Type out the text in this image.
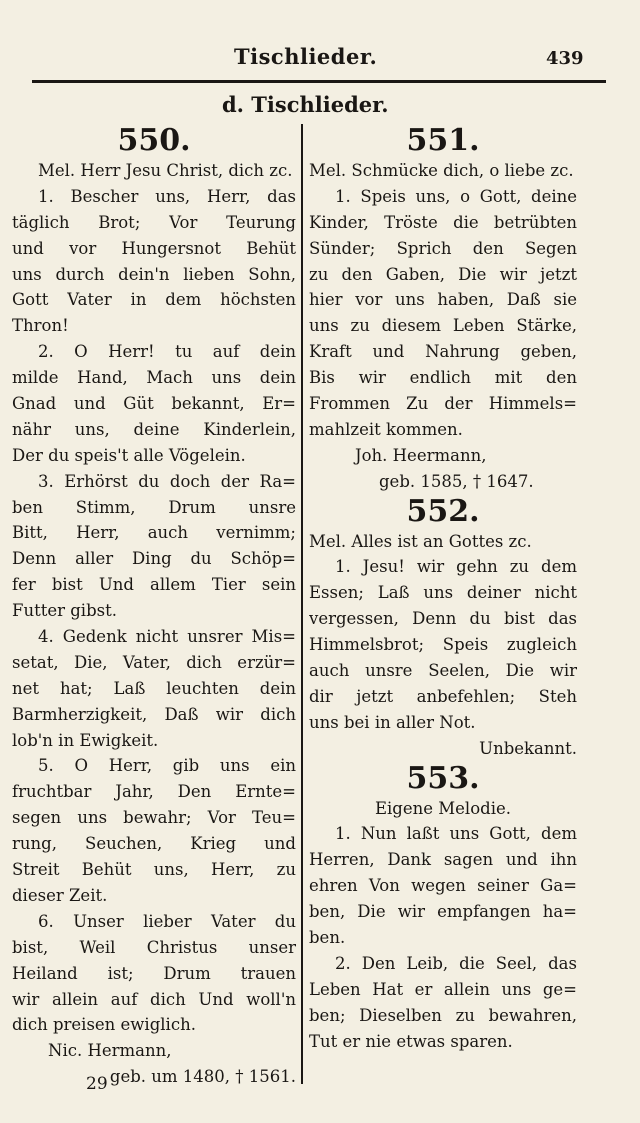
Tischlieder.	439
d. Tischlieder.
550.
Mel. Herr Jesu Christ, dich zc.
1. Bescher uns, Herr, das
täglich Brot; Vor Teurung
und vor Hungersnot Behüt
uns durch dein'n lieben Sohn,
Gott Vater in dem höchsten
Thron!
2. O Herr! tu auf dein
milde Hand, Mach uns dein
Gnad und Güt bekannt, Er=
nähr uns, deine Kinderlein,
Der du speis't alle Vögelein.
3. Erhörst du doch der Ra=
ben Stimm, Drum unsre
Bitt, Herr, auch vernimm;
Denn aller Ding du Schöp=
fer bist Und allem Tier sein
Futter gibst.
4. Gedenk nicht unsrer Mis=
setat, Die, Vater, dich erzür=
net hat; Laß leuchten dein
Barmherzigkeit, Daß wir dich
lob'n in Ewigkeit.
5. O Herr, gib uns ein
fruchtbar Jahr, Den Ernte=
segen uns bewahr; Vor Teu=
rung, Seuchen, Krieg und
Streit Behüt uns, Herr, zu
dieser Zeit.
6. Unser lieber Vater du
bist, Weil Christus unser
Heiland ist; Drum trauen
wir allein auf dich Und woll'n
dich preisen ewiglich.
Nic. Hermann,
geb. um 1480, † 1561.
551.
Mel. Schmücke dich, o liebe zc.
1. Speis uns, o Gott, deine
Kinder, Tröste die betrübten
Sünder; Sprich den Segen
zu den Gaben, Die wir jetzt
hier vor uns haben, Daß sie
uns zu diesem Leben Stärke,
Kraft und Nahrung geben,
Bis wir endlich mit den
Frommen Zu der Himmels=
mahlzeit kommen.
Joh. Heermann,
geb. 1585, † 1647.
552.
Mel. Alles ist an Gottes zc.
1. Jesu! wir gehn zu dem
Essen; Laß uns deiner nicht
vergessen, Denn du bist das
Himmelsbrot; Speis zugleich
auch unsre Seelen, Die wir
dir jetzt anbefehlen; Steh
uns bei in aller Not.
Unbekannt.
553.
Eigene Melodie.
1. Nun laßt uns Gott, dem
Herren, Dank sagen und ihn
ehren Von wegen seiner Ga=
ben, Die wir empfangen ha=
ben.
2. Den Leib, die Seel, das
Leben Hat er allein uns ge=
ben; Dieselben zu bewahren,
Tut er nie etwas sparen.
29
